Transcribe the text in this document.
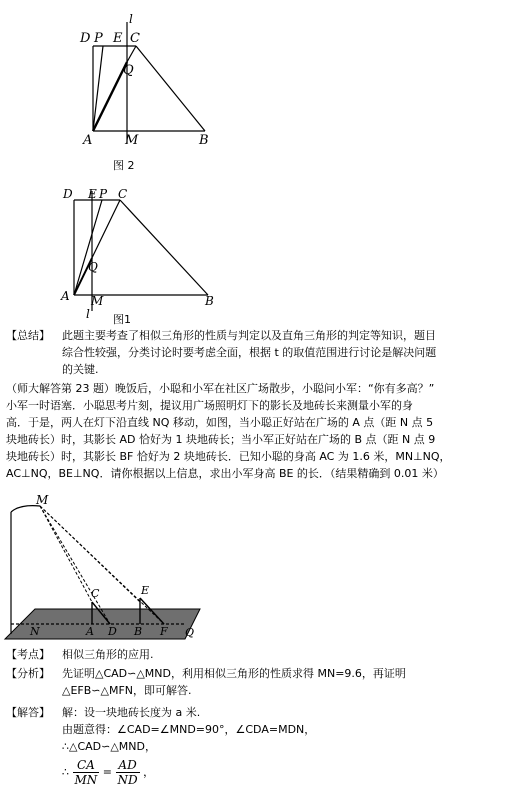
D P E C
l
Q
A	M	B
图 2
D E P C
Q
A M
l
B
图1
【总结】 此题主要考查了相似三角形的性质与判定以及直角三角形的判定等知识，题目
综合性较强，分类讨论时要考虑全面，根据 t 的取值范围进行讨论是解决问题
的关键.
（师大解答第 23 题）晚饭后，小聪和小军在社区广场散步，小聪问小军：“你有多高？”
小军一时语塞．小聪思考片刻，提议用广场照明灯下的影长及地砖长来测量小军的身
高．于是，两人在灯下沿直线 NQ 移动，如图，当小聪正好站在广场的 A 点（距 N 点 5
块地砖长）时，其影长 AD 恰好为 1 块地砖长；当小军正好站在广场的 B 点（距 N 点 9
块地砖长）时，其影长 BF 恰好为 2 块地砖长．已知小聪的身高 AC 为 1.6 米，MN⊥NQ，
AC⊥NQ，BE⊥NQ．请你根据以上信息，求出小军身高 BE 的长．（结果精确到 0.01 米）
M
C	E
N	A D B F Q
【考点】 相似三角形的应用.
【分析】 先证明△CAD∽△MND，利用相似三角形的性质求得 MN=9.6，再证明
△EFB∽△MFN，即可解答.
【解答】 解：设一块地砖长度为 a 米.
由题意得：∠CAD=∠MND=90°，∠CDA=MDN，
∴△CAD∽△MND，
∴ $\frac{CA}{MN} = \frac{AD}{ND}$ ，
